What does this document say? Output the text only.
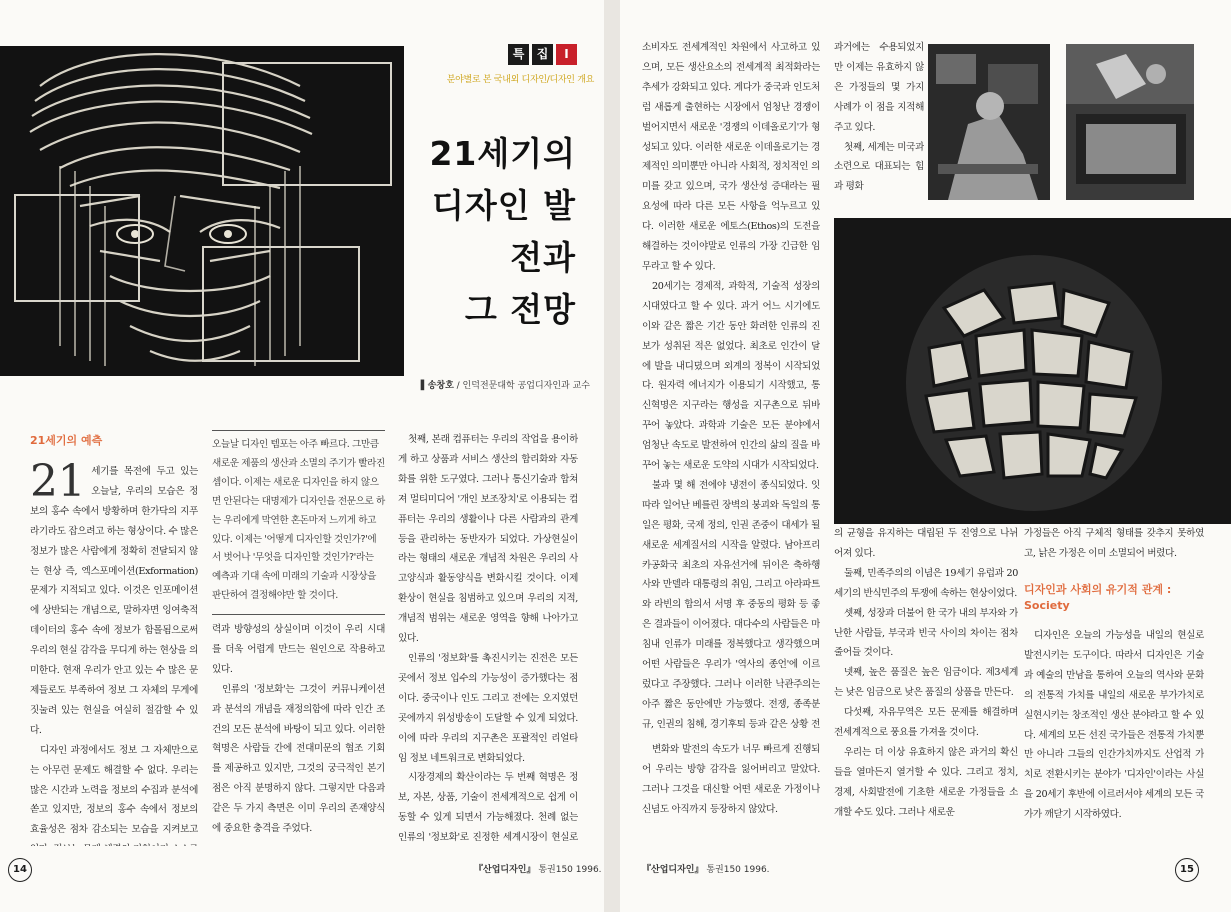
특	집	I
분야별로 본 국내외 디자인/디자인 개요
21세기의
디자인 발전과
그 전망
▌송창호 / 인덕전문대학 공업디자인과 교수
21세기의 예측

21 세기를 목전에 두고 있는 오늘날, 우리의 모습은 정보의 홍수 속에서 방황하며 한가닥의 지푸라기라도 잡으려고 하는 형상이다. 수 많은 정보가 많은 사람에게 정확히 전달되지 않는 현상 즉, 엑스포메이션(Exformation) 문제가 지적되고 있다. 이것은 인포메이션에 상반되는 개념으로, 말하자면 잉여축적 데이터의 홍수 속에 정보가 함몰됨으로써 우리의 현실 감각을 무디게 하는 현상을 의미한다. 현재 우리가 안고 있는 수 많은 문제들로도 부족하여 정보 그 자체의 무게에 짓눌려 있는 현실을 여실히 절감할 수 있다.

디자인 과정에서도 정보 그 자체만으로는 아무런 문제도 해결할 수 없다. 우리는 많은 시간과 노력을 정보의 수집과 분석에 쏟고 있지만, 정보의 홍수 속에서 정보의 효율성은 점차 감소되는 모습을 지켜보고

오늘날 디자인 템포는 아주 빠르다. 그만큼 새로운 제품의 생산과 소멸의 주기가 빨라진 셈이다. 이제는 새로운 디자인을 하지 않으면 안된다는 대명제가 디자인을 전문으로 하는 우리에게 막연한 혼돈마저 느끼게 하고 있다. 이제는 '어떻게 디자인할 것인가?'에서 벗어나 '무엇을 디자인할 것인가?'라는 예측과 기대 속에 미래의 기술과 시장상을 판단하여 결정해야만 할 것이다.

력과 방향성의 상실이며 이것이 우리 시대를 더욱 어렵게 만드는 원인으로 작용하고 있다.

인류의 '정보화'는 그것이 커뮤니케이션과 분석의 개념을 재정의함에 따라 인간 조건의 모든 분석에 바탕이 되고 있다. 이러한 혁명은 사람들 간에 전대미문의 협조 기회를 제공하고 있지만, 그것의 궁극적인 본기점은 아직 분명하지 않다. 그렇지만 다음과 같은 두 가지 측면은 이미 우리의 존재양식에 중요한 충격을 주었다.

첫째, 본래 컴퓨터는 우리의 작업을 용이하게 하고 상품과 서비스 생산의 합리화와 자동화를 위한 도구였다. 그러나 통신기술과 합쳐져 멀티미디어 '개인 보조장치'로 이용되는 컴퓨터는 우리의 생활이나 다른 사람과의 관계 등을 관리하는 동반자가 되었다. 가상현실이라는 형태의 새로운 개념적 차원은 우리의 사고양식과 활동양식을 변화시킬 것이다. 이제 환상이 현실을 침범하고 있으며 우리의 지적, 개념적 범위는 새로운 영역을 향해 나아가고 있다.

인류의 '정보화'를 촉진시키는 진전은 모든 곳에서 정보 입수의 가능성이 증가했다는 점이다. 중국이나 인도 그리고 전에는 오지였던 곳에까지 위성방송이 도달할 수 있게 되었다. 이에 따라 우리의 지구촌은 포괄적인 리얼타임 정보 네트워크로 변화되었다.

시장경제의 확산이라는 두 번째 혁명은 정보, 자본, 상품, 기술이 전세계적으로 쉽게 이동할 수 있게 되면서 가능해졌다. 천례 없는 인류의 '정보화'로 진정한 세계시장이 현실로

14	『산업디자인』 통권150 1996.

소비자도 전세계적인 차원에서 사고하고 있으며, 모든 생산요소의 전세계적 최적화라는 추세가 강화되고 있다. 게다가 중국과 인도처럼 새롭게 출현하는 시장에서 엄청난 경쟁이 벌어지면서 새로운 '경쟁의 이데올로기'가 형성되고 있다. 이러한 새로운 이데올로기는 경제적인 의미뿐만 아니라 사회적, 정치적인 의미를 갖고 있으며, 국가 생산성 증대라는 필요성에 따라 다른 모든 사항을 억누르고 있다. 이러한 새로운 에토스(Ethos)의 도전을 해결하는 것이야말로 인류의 가장 긴급한 임무라고 할 수 있다.

20세기는 경제적, 과학적, 기술적 성장의 시대였다고 할 수 있다. 과거 어느 시기에도 이와 같은 짧은 기간 동안 화려한 인류의 진보가 성취된 적은 없었다. 최초로 인간이 달에 발을 내디뎠으며 외계의 정복이 시작되었다. 원자력 에너지가 이용되기 시작했고, 통신혁명은 지구라는 행성을 지구촌으로 뒤바꾸어 놓았다. 과학과 기술은 모든 분야에서 엄청난 속도로 발전하여 인간의 삶의 질을 바꾸어 놓는 새로운 도약의 시대가 시작되었다.

불과 몇 해 전에야 냉전이 종식되었다. 잇따라 일어난 베를린 장벽의 붕괴와 독일의 통일은 평화, 국제 정의, 인권 존중이 대세가 될 새로운 세계질서의 시작을 알렸다. 남아프리카공화국 최초의 자유선거에 뒤이은 축하행사와 만델라 대통령의 취임, 그리고 아라파트와 라빈의 합의서 서명 후 중동의 평화 등 좋은 결과들이 이어졌다. 대다수의 사람들은 마침내 인류가 미래를 정복했다고 생각했으며 어떤 사람들은 우리가 '역사의 종언'에 이르렀다고 주장했다. 그러나 이러한 낙관주의는 아주 짧은 동안에만 가능했다. 전쟁, 종족분규, 인권의 침해, 경기후퇴 등과 같은 상황 전

변화와 발전의 속도가 너무 빠르게 진행되어 우리는 방향 감각을 잃어버리고 말았다. 그러나 그것을 대신할 어떤 새로운 가정이나 신념도 아직까지 등장하지 않았다.

과거에는 수용되었지만 이제는 유효하지 않은 가정들의 몇 가지 사례가 이 점을 지적해 주고 있다.

첫째, 세계는 미국과 소련으로 대표되는 힘과 평화

의 균형을 유지하는 대립된 두 진영으로 나뉘어져 있다.

둘째, 민족주의의 이념은 19세기 유럽과 20세기의 반식민주의 투쟁에 속하는 현상이었다.

셋째, 성장과 더불어 한 국가 내의 부자와 가난한 사람들, 부국과 빈국 사이의 차이는 점차 줄어들 것이다.

넷째, 높은 품질은 높은 임금이다. 제3세계는 낮은 임금으로 낮은 품질의 상품을 만든다.

다섯째, 자유무역은 모든 문제를 해결하며 전세계적으로 풍요를 가져올 것이다.

우리는 더 이상 유효하지 않은 과거의 확신들을 열마든지 열거할 수 있다. 그리고 정치, 경제, 사회발전에 기초한 새로운 가정들을 소개할 수도 있다. 그러나 새로운

가정들은 아직 구체적 형태를 갖추지 못하였고, 낡은 가정은 이미 소멸되어 버렸다.

디자인과 사회의 유기적 관계 : Society

디자인은 오늘의 가능성을 내일의 현실로 발전시키는 도구이다. 따라서 디자인은 기술과 예술의 만남을 통하여 오늘의 역사와 문화의 전통적 가치를 내일의 새로운 부가가치로 실현시키는 창조적인 생산 분야라고 할 수 있다. 세계의 모든 선진 국가들은 전통적 가치뿐만 아니라 그들의 인간가치까지도 산업적 가치로 전환시키는 분야가 '디자인'이라는 사실을 20세기 후반에 이르러서야 세계의 모든 국가가 깨닫기 시작하였다.

15
『산업디자인』 통권150 1996.
